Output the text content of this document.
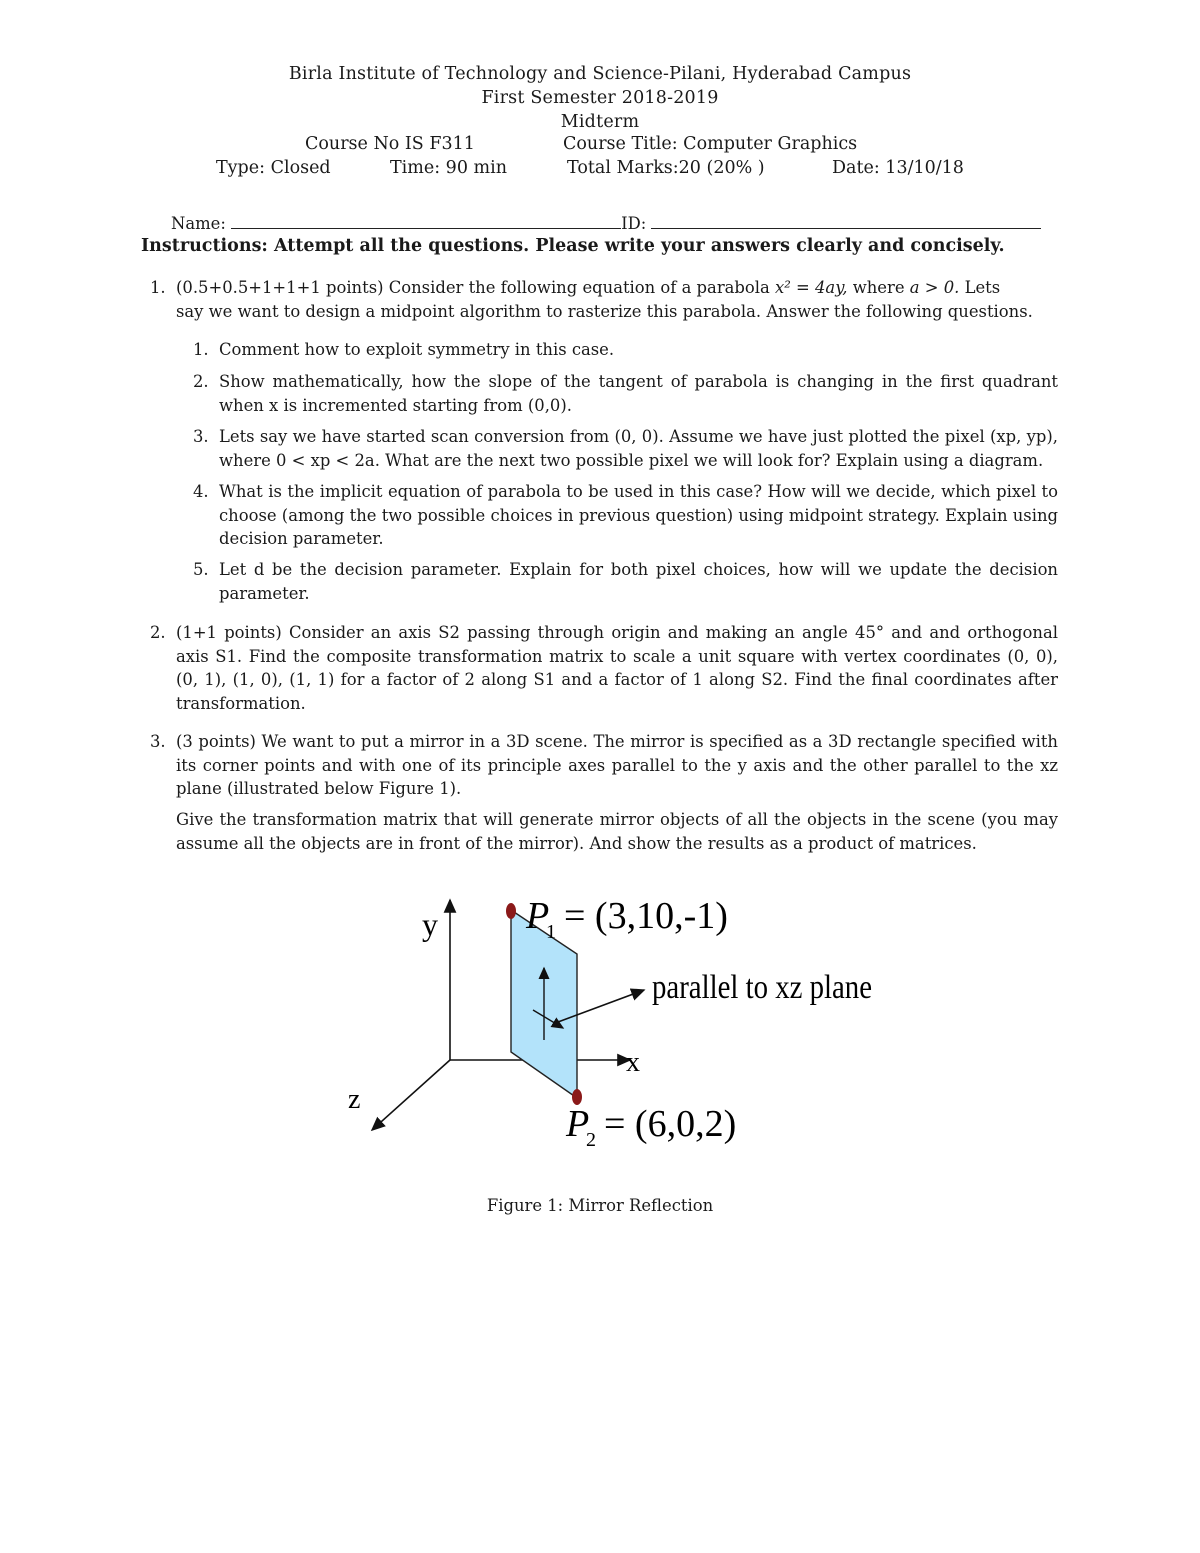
Birla Institute of Technology and Science-Pilani, Hyderabad Campus
First Semester 2018-2019
Midterm
Course No IS F311	Course Title: Computer Graphics
Type: Closed	Time: 90 min	Total Marks:20 (20% )	Date: 13/10/18
Name:	ID:
Instructions: Attempt all the questions. Please write your answers clearly and concisely.
1. (0.5+0.5+1+1+1 points) Consider the following equation of a parabola x² = 4ay, where a > 0. Lets
say we want to design a midpoint algorithm to rasterize this parabola. Answer the following questions.
1. Comment how to exploit symmetry in this case.
2. Show mathematically, how the slope of the tangent of parabola is changing in the first quadrant when x is incremented starting from (0,0).
3. Lets say we have started scan conversion from (0, 0). Assume we have just plotted the pixel (xp, yp), where 0 < xp < 2a. What are the next two possible pixel we will look for? Explain using a diagram.
4. What is the implicit equation of parabola to be used in this case? How will we decide, which pixel to choose (among the two possible choices in previous question) using midpoint strategy. Explain using decision parameter.
5. Let d be the decision parameter. Explain for both pixel choices, how will we update the decision parameter.
2. (1+1 points) Consider an axis S2 passing through origin and making an angle 45° and and orthogonal axis S1. Find the composite transformation matrix to scale a unit square with vertex coordinates (0, 0), (0, 1), (1, 0), (1, 1) for a factor of 2 along S1 and a factor of 1 along S2. Find the final coordinates after transformation.
3. (3 points) We want to put a mirror in a 3D scene. The mirror is specified as a 3D rectangle specified with its corner points and with one of its principle axes parallel to the y axis and the other parallel to the xz plane (illustrated below Figure 1).
Give the transformation matrix that will generate mirror objects of all the objects in the scene (you may assume all the objects are in front of the mirror). And show the results as a product of matrices.
y
x
z
P
1 = (3,10,-1)
parallel to xz plane
P
2 = (6,0,2)
Figure 1: Mirror Reflection
